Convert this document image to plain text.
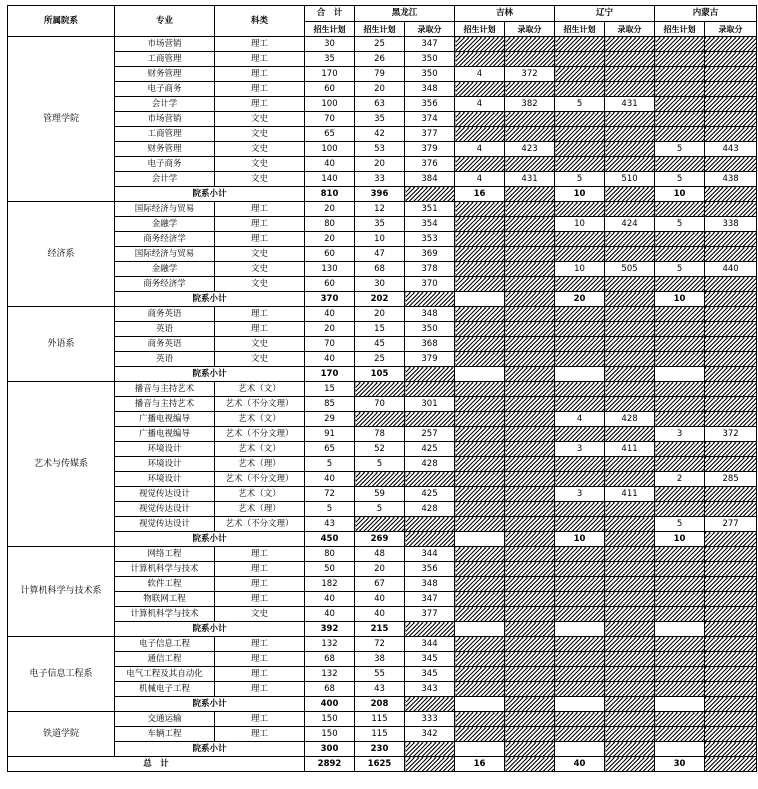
所属院系	专业	科类	合　计	黑龙江		吉林		辽宁		内蒙古	
			招生计划	招生计划	录取分	招生计划	录取分	招生计划	录取分	招生计划	录取分
管理学院	市场营销	理工	30	25	347						
	工商管理	理工	35	26	350						
	财务管理	理工	170	79	350	4	372				
	电子商务	理工	60	20	348						
	会计学	理工	100	63	356	4	382	5	431		
	市场营销	文史	70	35	374						
	工商管理	文史	65	42	377						
	财务管理	文史	100	53	379	4	423			5	443
	电子商务	文史	40	20	376						
	会计学	文史	140	33	384	4	431	5	510	5	438
	院系小计		810	396		16		10		10	
经济系	国际经济与贸易	理工	20	12	351						
	金融学	理工	80	35	354			10	424	5	338
	商务经济学	理工	20	10	353						
	国际经济与贸易	文史	60	47	369						
	金融学	文史	130	68	378			10	505	5	440
	商务经济学	文史	60	30	370						
	院系小计		370	202				20		10	
外语系	商务英语	理工	40	20	348						
	英语	理工	20	15	350						
	商务英语	文史	70	45	368						
	英语	文史	40	25	379						
	院系小计		170	105							
艺术与传媒系	播音与主持艺术	艺术（文）	15								
	播音与主持艺术	艺术（不分文理）	85	70	301						
	广播电视编导	艺术（文）	29					4	428		
	广播电视编导	艺术（不分文理）	91	78	257					3	372
	环境设计	艺术（文）	65	52	425			3	411		
	环境设计	艺术（理）	5	5	428						
	环境设计	艺术（不分文理）	40							2	285
	视觉传达设计	艺术（文）	72	59	425			3	411		
	视觉传达设计	艺术（理）	5	5	428						
	视觉传达设计	艺术（不分文理）	43							5	277
	院系小计		450	269				10		10	
计算机科学与技术系	网络工程	理工	80	48	344						
	计算机科学与技术	理工	50	20	356						
	软件工程	理工	182	67	348						
	物联网工程	理工	40	40	347						
	计算机科学与技术	文史	40	40	377						
	院系小计		392	215							
电子信息工程系	电子信息工程	理工	132	72	344						
	通信工程	理工	68	38	345						
	电气工程及其自动化	理工	132	55	345						
	机械电子工程	理工	68	43	343						
	院系小计		400	208							
铁道学院	交通运输	理工	150	115	333						
	车辆工程	理工	150	115	342						
	院系小计		300	230							
总　计			2892	1625		16		40		30	
